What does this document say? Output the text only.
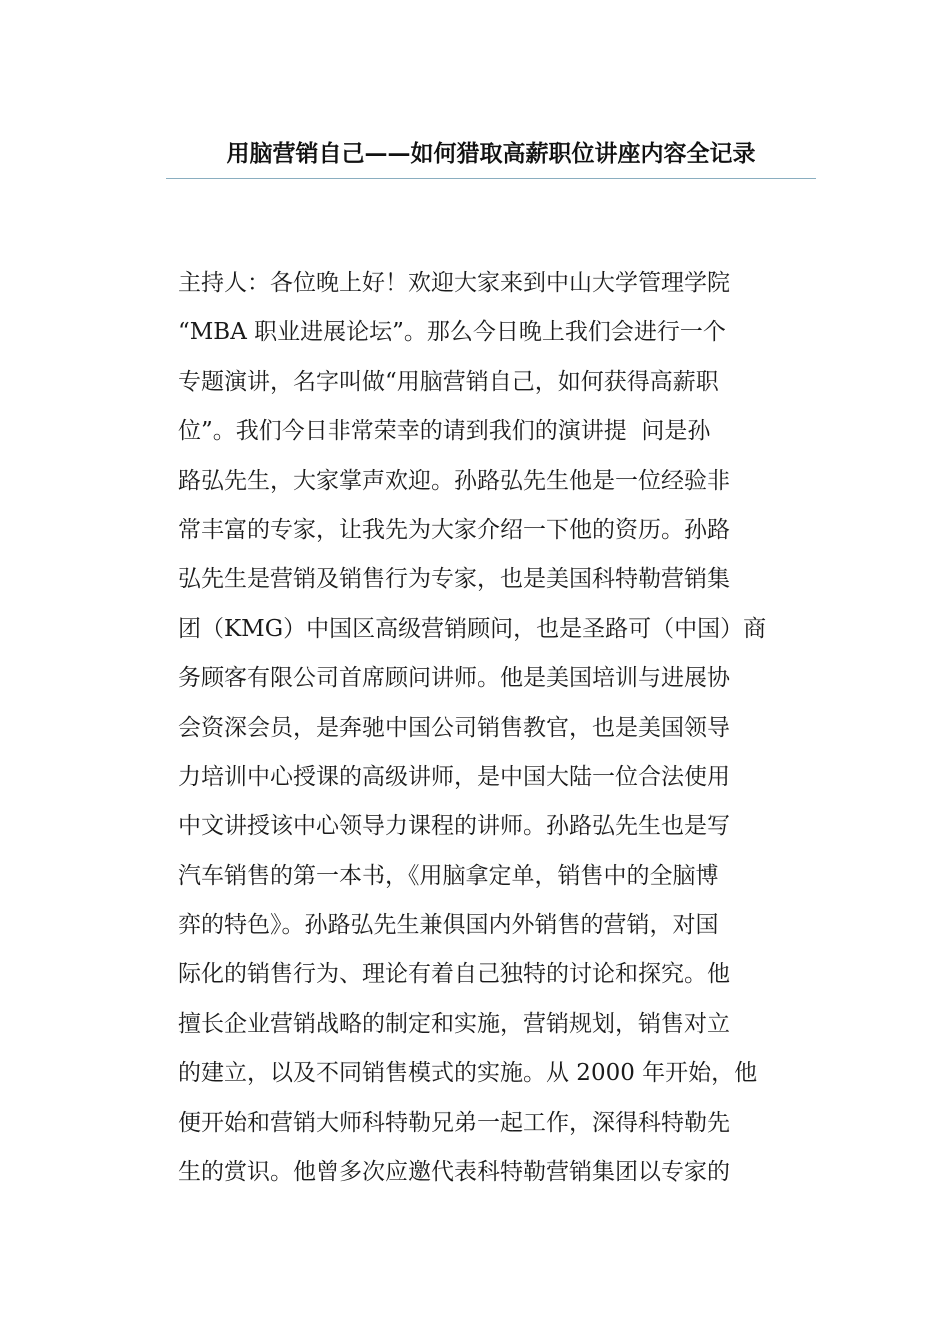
用脑营销自己——如何猎取高薪职位讲座内容全记录
主持人：各位晚上好！欢迎大家来到中山大学管理学院
“MBA 职业进展论坛”。那么今日晚上我们会进行一个
专题演讲，名字叫做“用脑营销自己，如何获得高薪职
位”。我们今日非常荣幸的请到我们的演讲提  问是孙
路弘先生，大家掌声欢迎。孙路弘先生他是一位经验非
常丰富的专家，让我先为大家介绍一下他的资历。孙路
弘先生是营销及销售行为专家，也是美国科特勒营销集
团（KMG）中国区高级营销顾问，也是圣路可（中国）商
务顾客有限公司首席顾问讲师。他是美国培训与进展协
会资深会员，是奔驰中国公司销售教官，也是美国领导
力培训中心授课的高级讲师，是中国大陆一位合法使用
中文讲授该中心领导力课程的讲师。孙路弘先生也是写
汽车销售的第一本书，《用脑拿定单，销售中的全脑博
弈的特色》。孙路弘先生兼俱国内外销售的营销，对国
际化的销售行为、理论有着自己独特的讨论和探究。他
擅长企业营销战略的制定和实施，营销规划，销售对立
的建立，以及不同销售模式的实施。从 2000 年开始，他
便开始和营销大师科特勒兄弟一起工作，深得科特勒先
生的赏识。他曾多次应邀代表科特勒营销集团以专家的
